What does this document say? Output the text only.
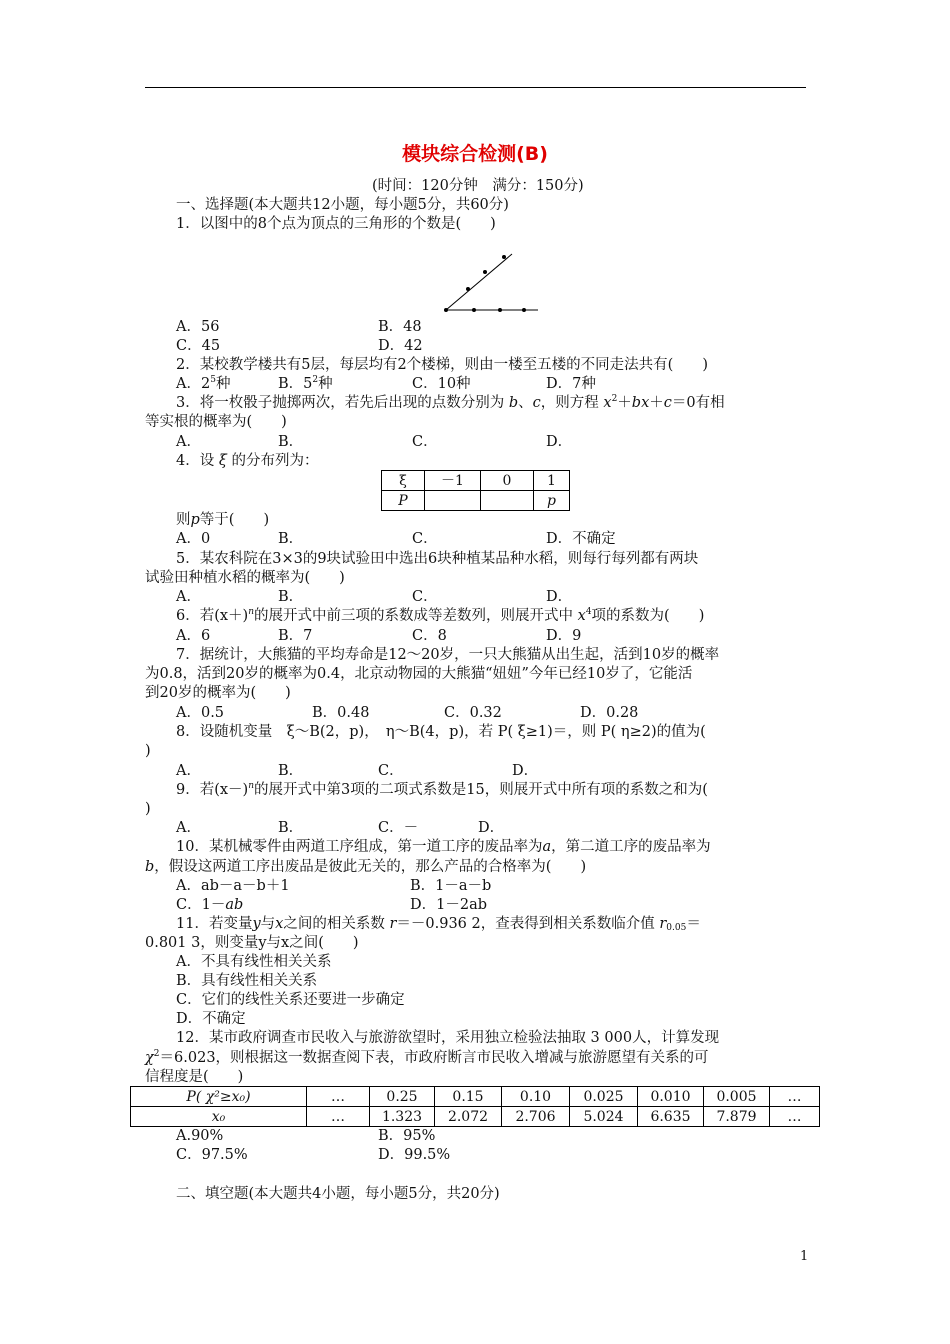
模块综合检测(B)
(时间：120分钟　满分：150分)
一、选择题(本大题共12小题，每小题5分，共60分)
1．以图中的8个点为顶点的三角形的个数是(　　)
A．56	B．48
C．45	D．42
2．某校教学楼共有5层，每层均有2个楼梯，则由一楼至五楼的不同走法共有(　　)
A．$2^5$种	B．$5^2$种	C．10种	D．7种
3．将一枚骰子抛掷两次，若先后出现的点数分别为 b、c，则方程 $x^2+bx+c=0$有相
等实根的概率为(　　)
A．	B．	C．	D．
4．设 ξ 的分布列为：
ξ	－1	0	1
P			p
则p等于(　　)
A．0	B．	C．	D．不确定
5．某农科院在3×3的9块试验田中选出6块种植某品种水稻，则每行每列都有两块
试验田种植水稻的概率为(　　)
A．	B．	C．	D．
6．若$(x+)^n$的展开式中前三项的系数成等差数列，则展开式中 $x^4$项的系数为(　　)
A．6	B．7	C．8	D．9
7．据统计，大熊猫的平均寿命是12～20岁，一只大熊猫从出生起，活到10岁的概率
为0.8，活到20岁的概率为0.4，北京动物园的大熊猫“妞妞”今年已经10岁了，它能活
到20岁的概率为(　　)
A．0.5	B．0.48	C．0.32	D．0.28
8．设随机变量　ξ～B(2，p)，　η～B(4，p)，若 P( ξ≥1)＝，则 P( η≥2)的值为(
)
A．	B．	C．	D．
9．若$(x-)^n$的展开式中第3项的二项式系数是15，则展开式中所有项的系数之和为(
)
A．	B．	C．－	D．
10．某机械零件由两道工序组成，第一道工序的废品率为a，第二道工序的废品率为
b，假设这两道工序出废品是彼此无关的，那么产品的合格率为(　　)
A．ab－a－b＋1	B．1－a－b
C．1－ab	D．1－2ab
11．若变量y与x之间的相关系数 r＝－0.936 2，查表得到相关系数临介值 $r_{0.05}=$
0.801 3，则变量y与x之间(　　)
A．不具有线性相关关系
B．具有线性相关关系
C．它们的线性关系还要进一步确定
D．不确定
12．某市政府调查市民收入与旅游欲望时，采用独立检验法抽取 3 000人，计算发现
$\chi^2=6.023$，则根据这一数据查阅下表，市政府断言市民收入增减与旅游愿望有关系的可
信程度是(　　)
P( χ²≥x₀)	…	0.25	0.15	0.10	0.025	0.010	0.005	…
x₀	…	1.323	2.072	2.706	5.024	6.635	7.879	…
A.90%	B．95%
C．97.5%	D．99.5%
二、填空题(本大题共4小题，每小题5分，共20分)
1
